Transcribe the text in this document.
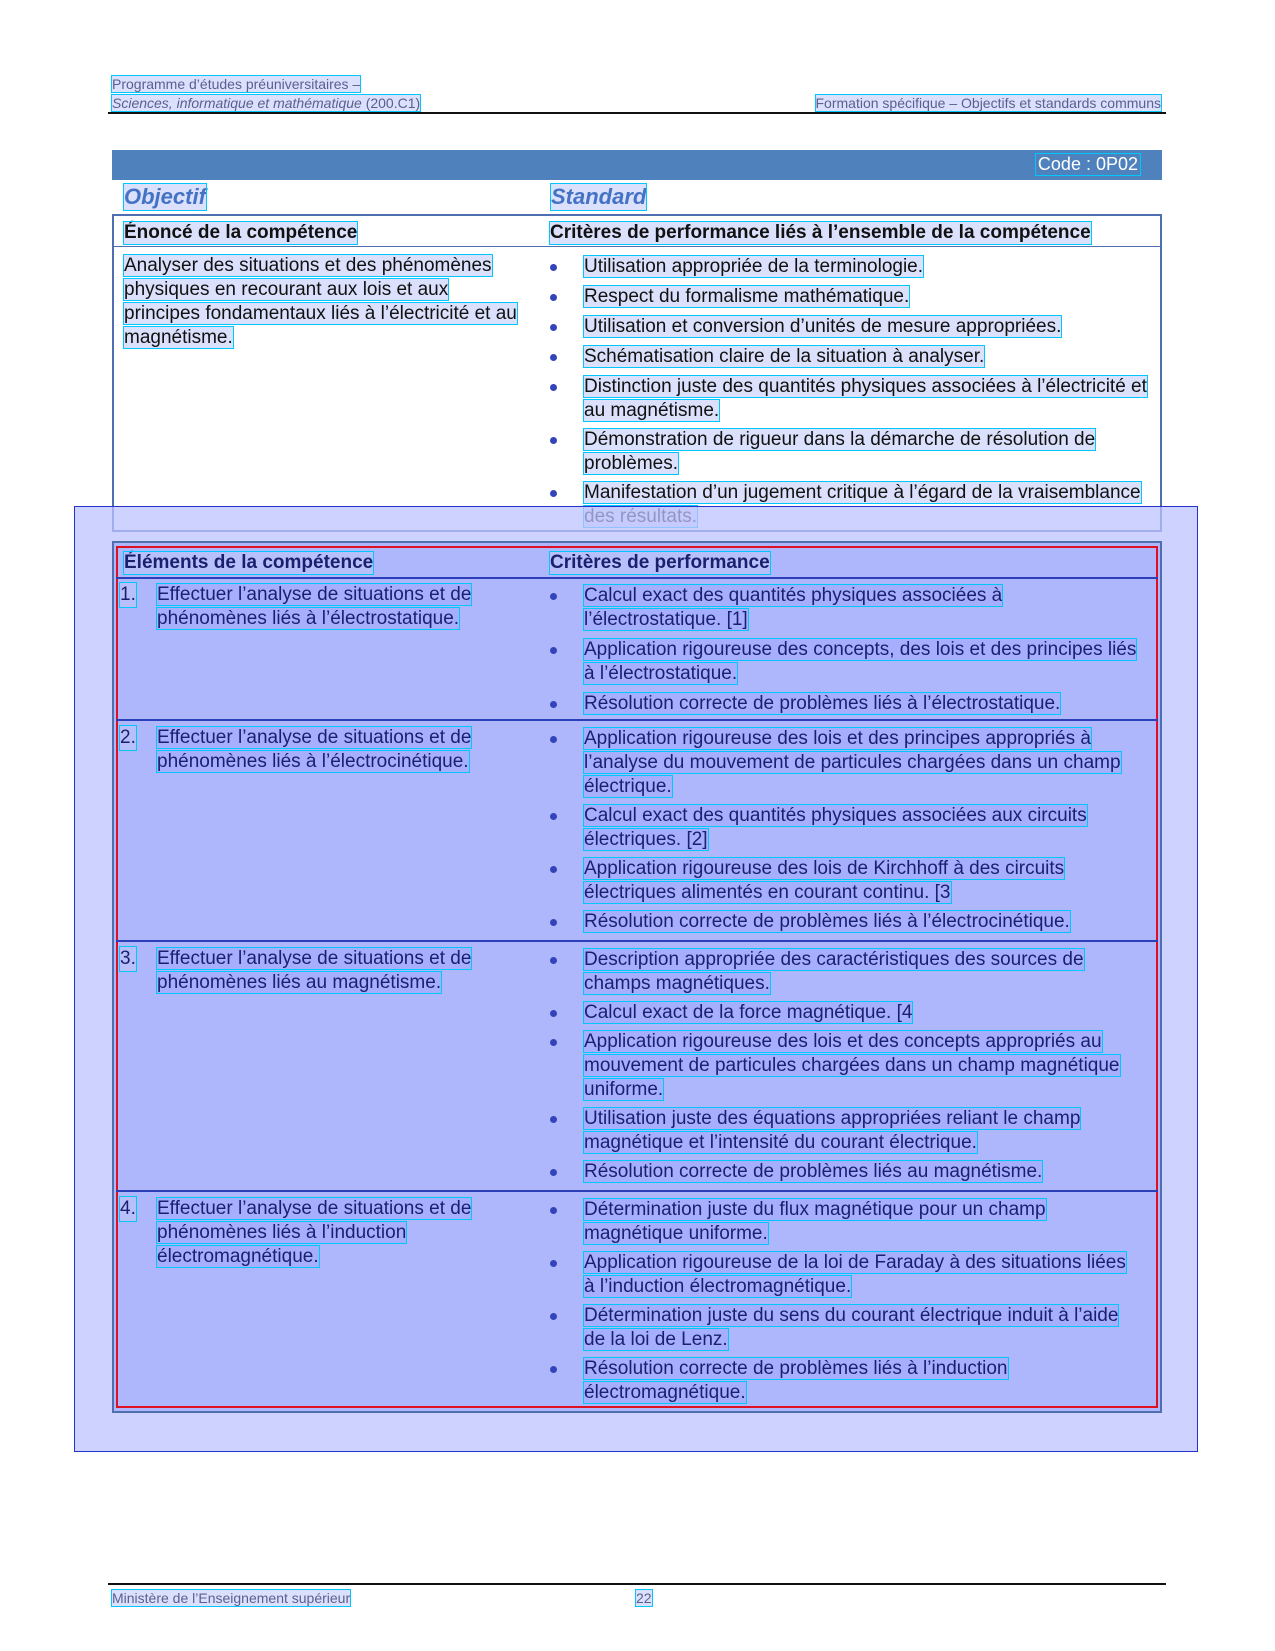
Programme d’études préuniversitaires –
Sciences, informatique et mathématique (200.C1)	Formation spécifique – Objectifs et standards communs
Code : 0P02
Objectif	Standard
Énoncé de la compétence	Critères de performance liés à l’ensemble de la compétence
Analyser des situations et des phénomènes physiques en recourant aux lois et aux principes fondamentaux liés à l’électricité et au magnétisme.
Utilisation appropriée de la terminologie.
Respect du formalisme mathématique.
Utilisation et conversion d’unités de mesure appropriées.
Schématisation claire de la situation à analyser.
Distinction juste des quantités physiques associées à l’électricité et au magnétisme.
Démonstration de rigueur dans la démarche de résolution de problèmes.
Manifestation d’un jugement critique à l’égard de la vraisemblance
Éléments de la compétence	Critères de performance
1. Effectuer l’analyse de situations et de phénomènes liés à l’électrostatique.
Calcul exact des quantités physiques associées à l’électrostatique. [1]
Application rigoureuse des concepts, des lois et des principes liés à l’électrostatique.
Résolution correcte de problèmes liés à l’électrostatique.
2. Effectuer l’analyse de situations et de phénomènes liés à l’électrocinétique.
Application rigoureuse des lois et des principes appropriés à l’analyse du mouvement de particules chargées dans un champ électrique.
Calcul exact des quantités physiques associées aux circuits électriques. [2]
Application rigoureuse des lois de Kirchhoff à des circuits électriques alimentés en courant continu. [3
Résolution correcte de problèmes liés à l’électrocinétique.
3. Effectuer l’analyse de situations et de phénomènes liés au magnétisme.
Description appropriée des caractéristiques des sources de champs magnétiques.
Calcul exact de la force magnétique. [4
Application rigoureuse des lois et des concepts appropriés au mouvement de particules chargées dans un champ magnétique uniforme.
Utilisation juste des équations appropriées reliant le champ magnétique et l’intensité du courant électrique.
Résolution correcte de problèmes liés au magnétisme.
4. Effectuer l’analyse de situations et de phénomènes liés à l’induction électromagnétique.
Détermination juste du flux magnétique pour un champ magnétique uniforme.
Application rigoureuse de la loi de Faraday à des situations liées à l’induction électromagnétique.
Détermination juste du sens du courant électrique induit à l’aide de la loi de Lenz.
Résolution correcte de problèmes liés à l’induction électromagnétique.
Ministère de l’Enseignement supérieur	22
